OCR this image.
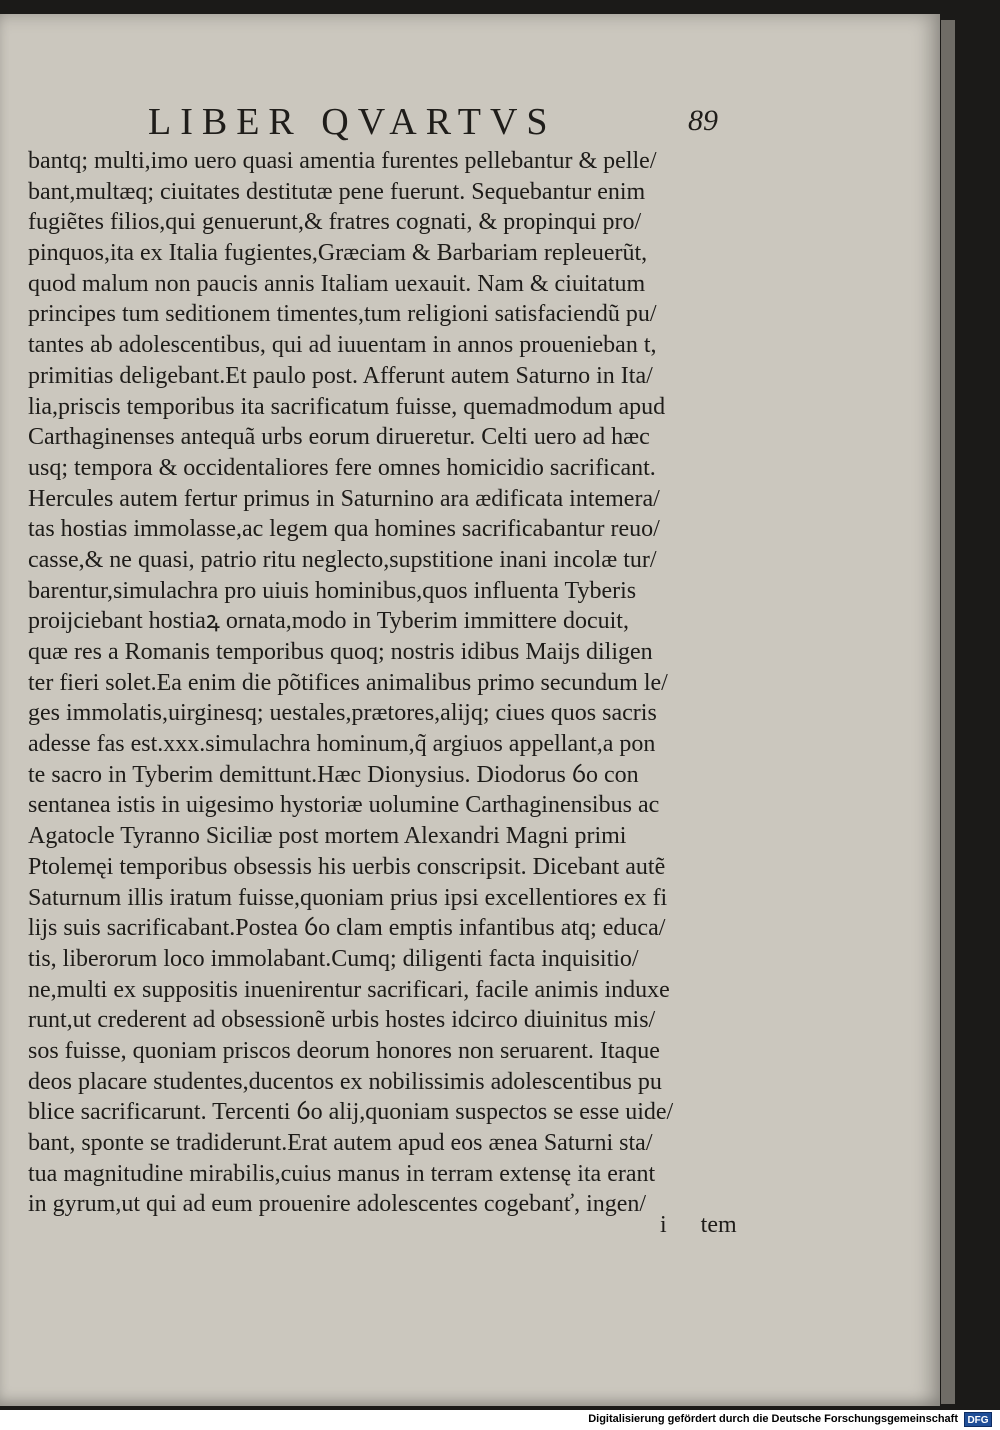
LIBER QVARTVS	89
bantq; multi,imo uero quasi amentia furentes pellebantur & pelle/
bant,multæq; ciuitates destitutæ pene fuerunt. Sequebantur enim
fugiẽtes filios,qui genuerunt,& fratres cognati, & propinqui pro/
pinquos,ita ex Italia fugientes,Græciam & Barbariam repleuerũt,
quod malum non paucis annis Italiam uexauit. Nam & ciuitatum
principes tum seditionem timentes,tum religioni satisfaciendũ pu/
tantes ab adolescentibus, qui ad iuuentam in annos prouenieban t,
primitias deligebant.Et paulo post. Afferunt autem Saturno in Ita/
lia,priscis temporibus ita sacrificatum fuisse, quemadmodum apud
Carthaginenses antequã urbs eorum dirueretur. Celti uero ad hæc
usq; tempora & occidentaliores fere omnes homicidio sacrificant.
Hercules autem fertur primus in Saturnino ara ædificata intemera/
tas hostias immolasse,ac legem qua homines sacrificabantur reuo/
casse,& ne quasi, patrio ritu neglecto,supstitione inani incolæ tur/
barentur,simulachra pro uiuis hominibus,quos influenta Tyberis
proijciebant hostiaꝝ ornata,modo in Tyberim immittere docuit,
quæ res a Romanis temporibus quoq; nostris idibus Maijs diligen
ter fieri solet.Ea enim die põtifices animalibus primo secundum le/
ges immolatis,uirginesq; uestales,prætores,alijq; ciues quos sacris
adesse fas est.xxx.simulachra hominum,q̃ argiuos appellant,a pon
te sacro in Tyberim demittunt.Hæc Dionysius. Diodorus ỽo con
sentanea istis in uigesimo hystoriæ uolumine Carthaginensibus ac
Agatocle Tyranno Siciliæ post mortem Alexandri Magni primi
Ptolemęi temporibus obsessis his uerbis conscripsit. Dicebant autẽ
Saturnum illis iratum fuisse,quoniam prius ipsi excellentiores ex fi
lijs suis sacrificabant.Postea ỽo clam emptis infantibus atq; educa/
tis, liberorum loco immolabant.Cumq; diligenti facta inquisitio/
ne,multi ex suppositis inuenirentur sacrificari, facile animis induxe
runt,ut crederent ad obsessionẽ urbis hostes idcirco diuinitus mis/
sos fuisse, quoniam priscos deorum honores non seruarent. Itaque
deos placare studentes,ducentos ex nobilissimis adolescentibus pu
blice sacrificarunt. Tercenti ỽo alij,quoniam suspectos se esse uide/
bant, sponte se tradiderunt.Erat autem apud eos ænea Saturni sta/
tua magnitudine mirabilis,cuius manus in terram extensę ita erant
in gyrum,ut qui ad eum prouenire adolescentes cogebanť, ingen/
i tem
Digitalisierung gefördert durch die Deutsche Forschungsgemeinschaft DFG
